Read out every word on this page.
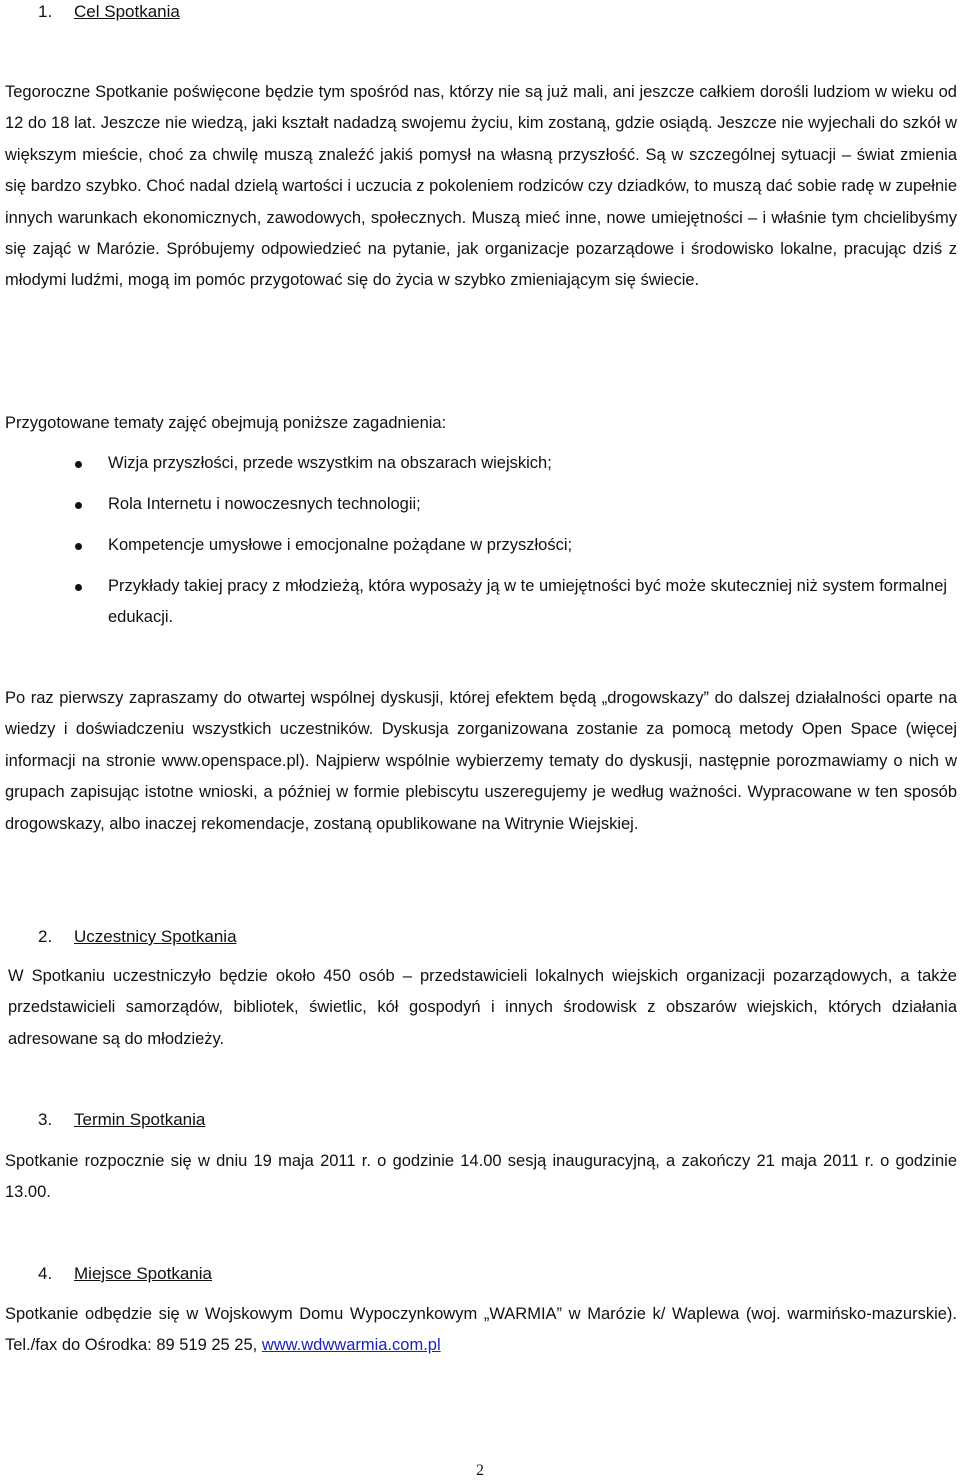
1. Cel Spotkania

Tegoroczne Spotkanie poświęcone będzie tym spośród nas, którzy nie są już mali, ani jeszcze całkiem dorośli ludziom w wieku od 12 do 18 lat. Jeszcze nie wiedzą, jaki kształt nadadzą swojemu życiu, kim zostaną, gdzie osiądą. Jeszcze nie wyjechali do szkół w większym mieście, choć za chwilę muszą znaleźć jakiś pomysł na własną przyszłość. Są w szczególnej sytuacji – świat zmienia się bardzo szybko. Choć nadal dzielą wartości i uczucia z pokoleniem rodziców czy dziadków, to muszą dać sobie radę w zupełnie innych warunkach ekonomicznych, zawodowych, społecznych. Muszą mieć inne, nowe umiejętności – i właśnie tym chcielibyśmy się zająć w Marózie. Spróbujemy odpowiedzieć na pytanie, jak organizacje pozarządowe i środowisko lokalne, pracując dziś z młodymi ludźmi, mogą im pomóc przygotować się do życia w szybko zmieniającym się świecie.

Przygotowane tematy zajęć obejmują poniższe zagadnienia:

Wizja przyszłości, przede wszystkim na obszarach wiejskich;
Rola Internetu i nowoczesnych technologii;
Kompetencje umysłowe i emocjonalne pożądane w przyszłości;
Przykłady takiej pracy z młodzieżą, która wyposaży ją w te umiejętności być może skuteczniej niż system formalnej edukacji.

Po raz pierwszy zapraszamy do otwartej wspólnej dyskusji, której efektem będą „drogowskazy” do dalszej działalności oparte na wiedzy i doświadczeniu wszystkich uczestników. Dyskusja zorganizowana zostanie za pomocą metody Open Space (więcej informacji na stronie www.openspace.pl). Najpierw wspólnie wybierzemy tematy do dyskusji, następnie porozmawiamy o nich w grupach zapisując istotne wnioski, a później w formie plebiscytu uszeregujemy je według ważności. Wypracowane w ten sposób drogowskazy, albo inaczej rekomendacje, zostaną opublikowane na Witrynie Wiejskiej.

2. Uczestnicy Spotkania

W Spotkaniu uczestniczyło będzie około 450 osób – przedstawicieli lokalnych wiejskich organizacji pozarządowych, a także przedstawicieli samorządów, bibliotek, świetlic, kół gospodyń i innych środowisk z obszarów wiejskich, których działania adresowane są do młodzieży.

3. Termin Spotkania

Spotkanie rozpocznie się w dniu 19 maja 2011 r. o godzinie 14.00 sesją inauguracyjną, a zakończy 21 maja 2011 r. o godzinie 13.00.

4. Miejsce Spotkania

Spotkanie odbędzie się w Wojskowym Domu Wypoczynkowym „WARMIA” w Marózie k/ Waplewa (woj. warmińsko-mazurskie). Tel./fax do Ośrodka: 89 519 25 25, www.wdwwarmia.com.pl

2
